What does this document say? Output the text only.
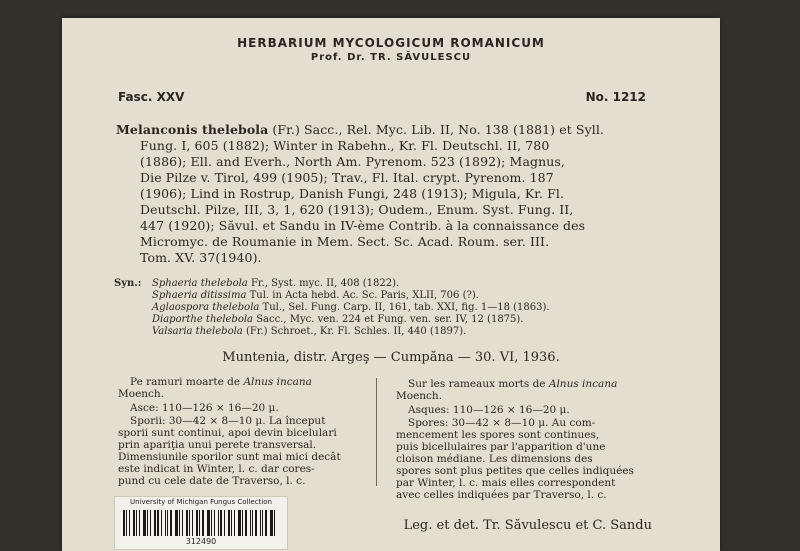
HERBARIUM MYCOLOGICUM ROMANICUM
Prof. Dr. TR. SĂVULESCU
Fasc. XXV	No. 1212
Melanconis thelebola (Fr.) Sacc., Rel. Myc. Lib. II, No. 138 (1881) et Syll.
Fung. I, 605 (1882); Winter in Rabehn., Kr. Fl. Deutschl. II, 780
(1886); Ell. and Everh., North Am. Pyrenom. 523 (1892); Magnus,
Die Pilze v. Tirol, 499 (1905); Trav., Fl. Ital. crypt. Pyrenom. 187
(1906); Lind in Rostrup, Danish Fungi, 248 (1913); Migula, Kr. Fl.
Deutschl. Pilze, III, 3, 1, 620 (1913); Oudem., Enum. Syst. Fung. II,
447 (1920); Săvul. et Sandu in IV-ème Contrib. à la connaissance des
Micromyc. de Roumanie in Mem. Sect. Sc. Acad. Roum. ser. III.
Tom. XV. 37(1940).
Syn.: Sphaeria thelebola Fr., Syst. myc. II, 408 (1822).
Sphaeria ditissima Tul. in Acta hebd. Ac. Sc. Paris, XLII, 706 (?).
Aglaospora thelebola Tul., Sel. Fung. Carp. II, 161, tab. XXI, fig. 1—18 (1863).
Diaporthe thelebola Sacc., Myc. ven. 224 et Fung. ven. ser. IV, 12 (1875).
Valsaria thelebola (Fr.) Schroet., Kr. Fl. Schles. II, 440 (1897).
Muntenia, distr. Argeş — Cumpăna — 30. VI, 1936.
Pe ramuri moarte de Alnus incana
Moench.
Asce: 110—126 × 16—20 μ.
Sporii: 30—42 × 8—10 μ. La început
sporii sunt continui, apoi devin bicelulari
prin apariţia unui perete transversal.
Dimensiunile sporilor sunt mai mici decât
este indicat in Winter, l. c. dar cores-
pund cu cele date de Traverso, l. c.
Sur les rameaux morts de Alnus incana
Moench.
Asques: 110—126 × 16—20 μ.
Spores: 30—42 × 8—10 μ. Au com-
mencement les spores sont continues,
puis bicellulaires par l'apparition d'une
cloison médiane. Les dimensions des
spores sont plus petites que celles indiquées
par Winter, l. c. mais elles correspondent
avec celles indiquées par Traverso, l. c.
Leg. et det. Tr. Săvulescu et C. Sandu
University of Michigan Fungus Collection
312490
